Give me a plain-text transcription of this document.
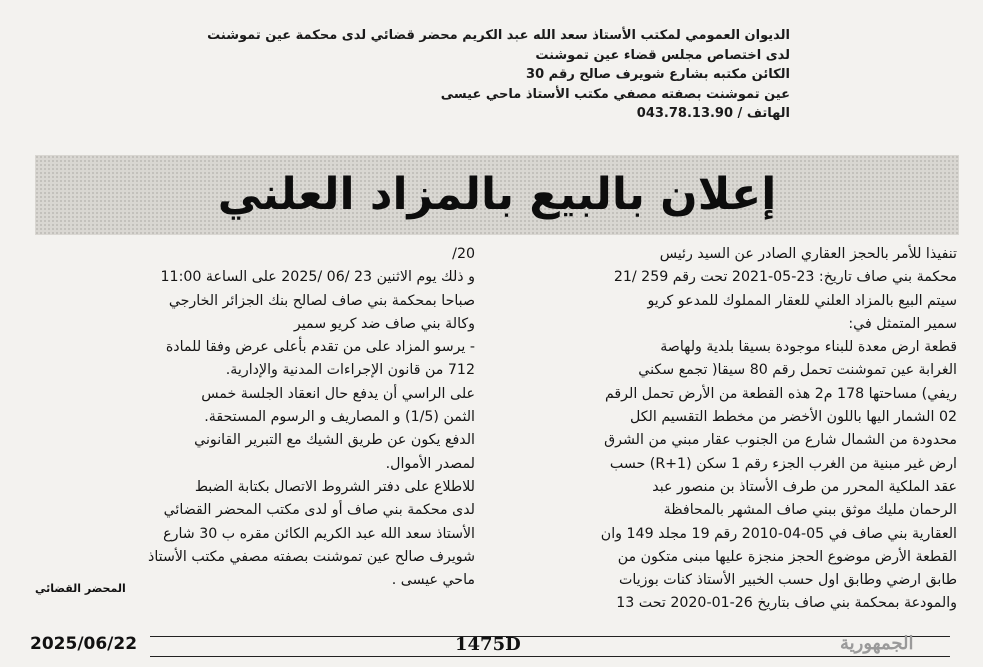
الديوان العمومي لمكتب الأستاذ سعد الله عبد الكريم محضر قضائي لدى محكمة عين تموشنت
لدى اختصاص مجلس قضاء عين تموشنت
الكائن مكتبه بشارع شويرف صالح رقم 30
عين تموشنت بصفته مصفي مكتب الأستاذ ماحي عيسى
الهاتف / 043.78.13.90
إعلان بالبيع بالمزاد العلني
تنفيذا للأمر بالحجز العقاري الصادر عن السيد رئيس
محكمة بني صاف تاريخ: 23-05-2021 تحت رقم 259 /21
سيتم البيع بالمزاد العلني للعقار المملوك للمدعو كريو
سمير المتمثل في:
قطعة ارض معدة للبناء موجودة بسيقا بلدية ولهاصة
الغرابة عين تموشنت تحمل رقم 80 سيقا( تجمع سكني
ريفي) مساحتها 178 م2 هذه القطعة من الأرض تحمل الرقم
02 الشمار اليها باللون الأخضر من مخطط التقسيم الكل
محدودة من الشمال شارع من الجنوب عقار مبني من الشرق
ارض غير مبنية من الغرب الجزء رقم 1 سكن (R+1) حسب
عقد الملكية المحرر من طرف الأستاذ بن منصور عبد
الرحمان مليك موثق ببني صاف المشهر بالمحافظة
العقارية بني صاف في 05-04-2010 رقم 19 مجلد 149 وان
القطعة الأرض موضوع الحجز منجزة عليها مبنى متكون من
طابق ارضي وطابق اول حسب الخبير الأستاذ كنات بوزيات
والمودعة بمحكمة بني صاف بتاريخ 26-01-2020 تحت 13
20/
و ذلك يوم الاثنين 23 /06 /2025 على الساعة 11:00
صباحا بمحكمة بني صاف لصالح بنك الجزائر الخارجي
وكالة بني صاف ضد كريو سمير
- يرسو المزاد على من تقدم بأعلى عرض وفقا للمادة
712 من قانون الإجراءات المدنية والإدارية.
على الراسي أن يدفع حال انعقاد الجلسة خمس
الثمن (1/5) و المصاريف و الرسوم المستحقة.
الدفع يكون عن طريق الشيك مع التبرير القانوني
لمصدر الأموال.
للاطلاع على دفتر الشروط الاتصال بكتابة الضبط
لدى محكمة بني صاف أو لدى مكتب المحضر القضائي
الأستاذ سعد الله عبد الكريم الكائن مقره ب 30 شارع
شويرف صالح عين تموشنت بصفته مصفي مكتب الأستاذ
ماحي عيسى .
المحضر القضائي
2025/06/22	1475D	الجمهورية
